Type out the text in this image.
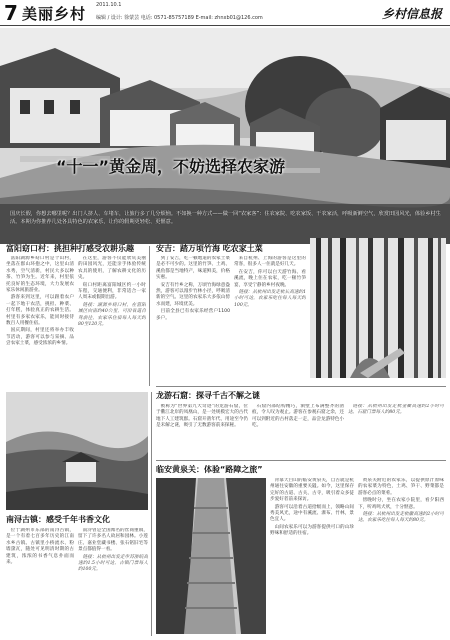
7 美丽乡村 2011.10.1
编辑 / 设计: 徐蒙芸 电话: 0571-85757189 E-mail: zhnxb01@126.com	乡村信息报
“十一”黄金周，不妨选择农家游
国庆长假，你想去哪里呢？出门人挤人、车堵车，让旅行多了几分烦恼。不如换一种方式——做一回“农家客”：住农家院、吃农家饭、干农家活，呼吸新鲜空气，欣赏田园风光，体验乡村生活。本期为你推荐几处各具特色的农家乐，让你的假期更轻松、更惬意。
富阳窈口村：挑担种打感受农耕乐趣

富阳湖源乡窈口村是个山村，坐落在群山环抱之中，这里山清水秀，空气清新，村民大多以种茶、竹笋为生。近年来，村里依托良好的生态环境，大力发展农家乐休闲旅游业。

游客来到这里，可以跟着农户一起下地干农活，挑担、种菜、打年糕，体验真正的农耕生活。村里有多家农家乐，能同时接待数百人用餐住宿。

国庆期间，村里还将举办丰收节活动，游客可以参与采摘、品尝农家土菜，感受浓浓的乡情。

在这里，游客不仅能欣赏美丽的田园风光，还能亲手体验传统农具的使用，了解农耕文化的历史。

窈口村距离富阳城区约一小时车程，交通便利，非常适合一家人周末或假期出游。

链接：湖源乡窈口村，在富阳城区向南约40公里，可沿省道自驾前往，农家乐住宿每人每天约80至120元。

安吉：踏万顷竹海 吃农家土菜

到了安吉，吃一顿地道的农家土菜是必不可少的。这里的竹笋、土鸡、溪鱼都是当地特产，味道鲜美，价格实惠。

安吉有竹乡之称，万顷竹海绿意盎然，游客可以漫步竹林小径，呼吸清新的空气。这里的农家乐大多依山傍水而建，环境优美。

目前全县已有农家乐经营户1100多户。

来自杭州、上海的游客是这里的常客，很多人一住就是好几天。

在安吉，你可以白天游竹海、看溪流，晚上住在农家，吃一顿竹笋宴，享受宁静的乡村夜晚。

链接：从杭州出发走杭长高速约1小时可达，农家乐吃住每人每天约100元。

龙游石窟：探寻千古不解之谜

被称为“世界第九大奇迹”的龙游石窟，位于衢江北岸的凤凰山，是一处规模宏大的古代地下人工建筑群。石窟开凿年代、用途至今仍是未解之谜，吸引了无数游客前来探秘。

石窟内部结构精巧，洞壁上布满整齐的凿痕，令人叹为观止。游客在参观石窟之余，还可以到附近的古村落走一走，品尝龙游特色小吃。

链接：从杭州出发走杭金衢高速约2小时可达，石窟门票每人约80元。

临安黄泉关：体验“路障之旅”

背靠天目山的临安黄泉关，自古就是杭州通往安徽的重要关隘。如今，这里保存完好的古道、古关、古寺，吸引着众多徒步爱好者前来探访。

游客可以沿着古道拾级而上，领略山间秀美风光，途中有溪流、瀑布、竹林，景色宜人。

山间农家乐可以为游客提供可口的山珍野味和舒适的住宿。

黄泉关附近的农家乐，以提供原汁原味的农家菜为特色，土鸡、笋干、野菜都是游客必点的菜肴。

傍晚时分，坐在农家小院里，看夕阳西下，听鸡鸣犬吠，十分惬意。

链接：从杭州出发走杭徽高速约2小时可达，农家乐吃住每人每天约80元。

南浔古镇：感受千年书香文化

位于湖州市东部的南浔古镇，是一个有着七百多年历史的江南水乡古镇。古镇里小桥流水、粉墙黛瓦，随处可见明清时期的古建筑，浓浓的书香气息扑面而来。

南浔曾是全国闻名的丝商重镇，留下了许多名人故居和园林。小莲庄、嘉业堂藏书楼、张石铭旧宅等景点都值得一看。

链接：从杭州出发走申苏浙皖高速约1.5小时可达，古镇门票每人约100元。
